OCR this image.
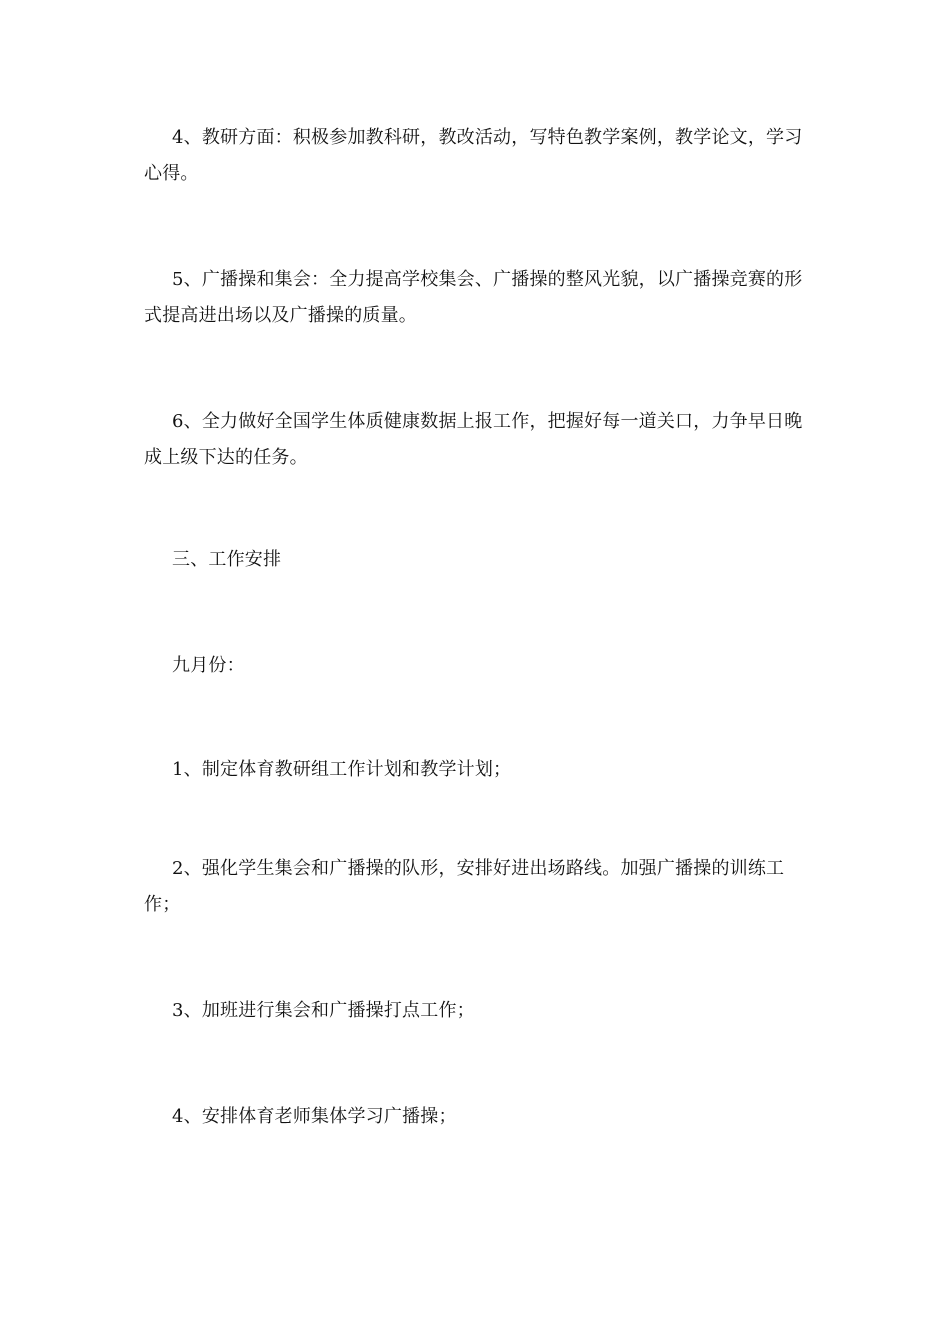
4、教研方面：积极参加教科研，教改活动，写特色教学案例，教学论文，学习心得。

5、广播操和集会：全力提高学校集会、广播操的整风光貌，以广播操竞赛的形式提高进出场以及广播操的质量。

6、全力做好全国学生体质健康数据上报工作，把握好每一道关口，力争早日晚成上级下达的任务。

三、工作安排

九月份：

1、制定体育教研组工作计划和教学计划；

2、强化学生集会和广播操的队形，安排好进出场路线。加强广播操的训练工作；

3、加班进行集会和广播操打点工作；

4、安排体育老师集体学习广播操；
